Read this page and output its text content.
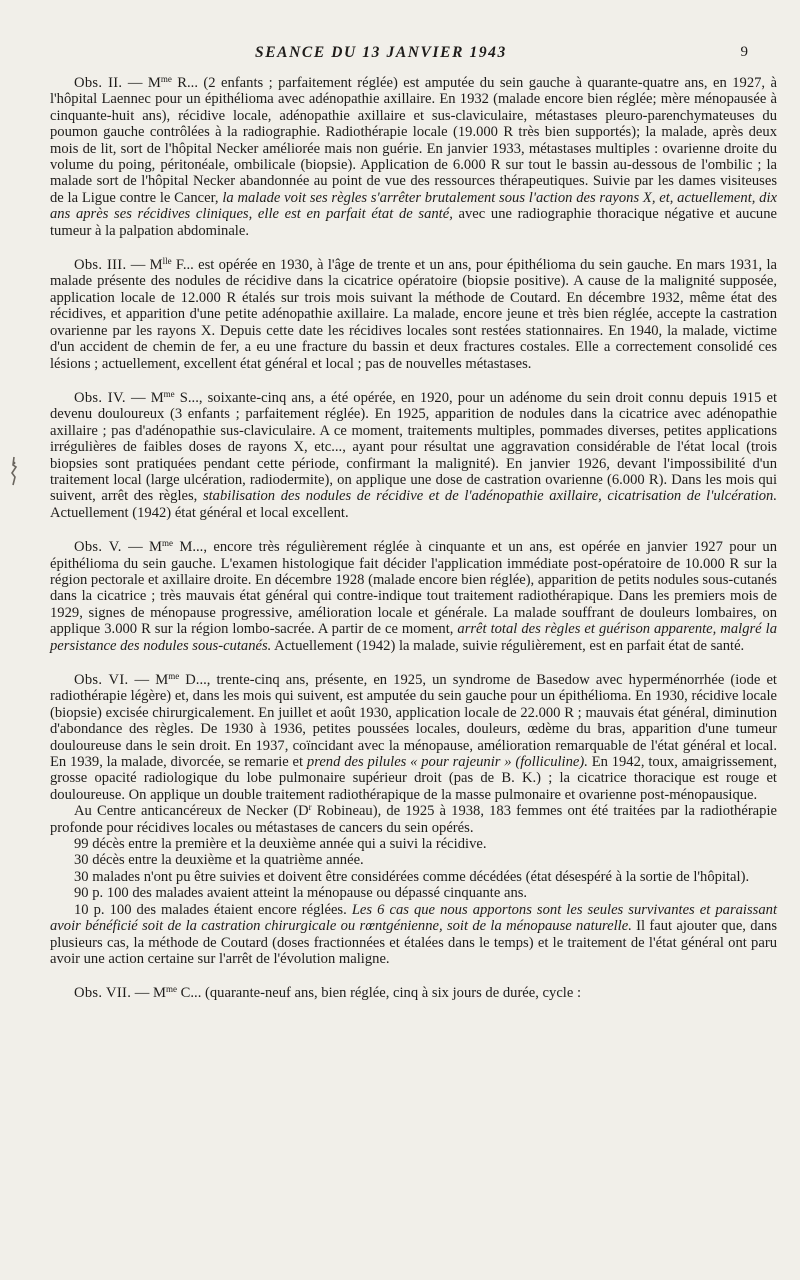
SEANCE DU 13 JANVIER 1943	9

Obs. II. — $M^{me}$ R... (2 enfants ; parfaitement réglée) est amputée du sein gauche à quarante-quatre ans, en 1927, à l'hôpital Laennec pour un épithélioma avec adénopathie axillaire. En 1932 (malade encore bien réglée; mère ménopausée à cinquante-huit ans), récidive locale, adénopathie axillaire et sus-claviculaire, métastases pleuro-parenchymateuses du poumon gauche contrôlées à la radiographie. Radiothérapie locale (19.000 R très bien supportés); la malade, après deux mois de lit, sort de l'hôpital Necker améliorée mais non guérie. En janvier 1933, métastases multiples : ovarienne droite du volume du poing, péritonéale, ombilicale (biopsie). Application de 6.000 R sur tout le bassin au-dessous de l'ombilic ; la malade sort de l'hôpital Necker abandonnée au point de vue des ressources thérapeutiques. Suivie par les dames visiteuses de la Ligue contre le Cancer, la malade voit ses règles s'arrêter brutalement sous l'action des rayons X, et, actuellement, dix ans après ses récidives cliniques, elle est en parfait état de santé, avec une radiographie thoracique négative et aucune tumeur à la palpation abdominale.

Obs. III. — $M^{lle}$ F... est opérée en 1930, à l'âge de trente et un ans, pour épithélioma du sein gauche. En mars 1931, la malade présente des nodules de récidive dans la cicatrice opératoire (biopsie positive). A cause de la malignité supposée, application locale de 12.000 R étalés sur trois mois suivant la méthode de Coutard. En décembre 1932, même état des récidives, et apparition d'une petite adénopathie axillaire. La malade, encore jeune et très bien réglée, accepte la castration ovarienne par les rayons X. Depuis cette date les récidives locales sont restées stationnaires. En 1940, la malade, victime d'un accident de chemin de fer, a eu une fracture du bassin et deux fractures costales. Elle a correctement consolidé ces lésions ; actuellement, excellent état général et local ; pas de nouvelles métastases.

Obs. IV. — $M^{me}$ S..., soixante-cinq ans, a été opérée, en 1920, pour un adénome du sein droit connu depuis 1915 et devenu douloureux (3 enfants ; parfaitement réglée). En 1925, apparition de nodules dans la cicatrice avec adénopathie axillaire ; pas d'adénopathie sus-claviculaire. A ce moment, traitements multiples, pommades diverses, petites applications irrégulières de faibles doses de rayons X, etc..., ayant pour résultat une aggravation considérable de l'état local (trois biopsies sont pratiquées pendant cette période, confirmant la malignité). En janvier 1926, devant l'impossibilité d'un traitement local (large ulcération, radiodermite), on applique une dose de castration ovarienne (6.000 R). Dans les mois qui suivent, arrêt des règles, stabilisation des nodules de récidive et de l'adénopathie axillaire, cicatrisation de l'ulcération. Actuellement (1942) état général et local excellent.

Obs. V. — $M^{me}$ M..., encore très régulièrement réglée à cinquante et un ans, est opérée en janvier 1927 pour un épithélioma du sein gauche. L'examen histologique fait décider l'application immédiate post-opératoire de 10.000 R sur la région pectorale et axillaire droite. En décembre 1928 (malade encore bien réglée), apparition de petits nodules sous-cutanés dans la cicatrice ; très mauvais état général qui contre-indique tout traitement radiothérapique. Dans les premiers mois de 1929, signes de ménopause progressive, amélioration locale et générale. La malade souffrant de douleurs lombaires, on applique 3.000 R sur la région lombo-sacrée. A partir de ce moment, arrêt total des règles et guérison apparente, malgré la persistance des nodules sous-cutanés. Actuellement (1942) la malade, suivie régulièrement, est en parfait état de santé.

Obs. VI. — $M^{me}$ D..., trente-cinq ans, présente, en 1925, un syndrome de Basedow avec hyperménorrhée (iode et radiothérapie légère) et, dans les mois qui suivent, est amputée du sein gauche pour un épithélioma. En 1930, récidive locale (biopsie) excisée chirurgicalement. En juillet et août 1930, application locale de 22.000 R ; mauvais état général, diminution d'abondance des règles. De 1930 à 1936, petites poussées locales, douleurs, œdème du bras, apparition d'une tumeur douloureuse dans le sein droit. En 1937, coïncidant avec la ménopause, amélioration remarquable de l'état général et local. En 1939, la malade, divorcée, se remarie et prend des pilules « pour rajeunir » (folliculine). En 1942, toux, amaigrissement, grosse opacité radiologique du lobe pulmonaire supérieur droit (pas de B. K.) ; la cicatrice thoracique est rouge et douloureuse. On applique un double traitement radiothérapique de la masse pulmonaire et ovarienne post-ménopausique.

Au Centre anticancéreux de Necker ($D^r$ Robineau), de 1925 à 1938, 183 femmes ont été traitées par la radiothérapie profonde pour récidives locales ou métastases de cancers du sein opérés.

99 décès entre la première et la deuxième année qui a suivi la récidive.

30 décès entre la deuxième et la quatrième année.

30 malades n'ont pu être suivies et doivent être considérées comme décédées (état désespéré à la sortie de l'hôpital).

90 p. 100 des malades avaient atteint la ménopause ou dépassé cinquante ans.

10 p. 100 des malades étaient encore réglées. Les 6 cas que nous apportons sont les seules survivantes et paraissant avoir bénéficié soit de la castration chirurgicale ou rœntgénienne, soit de la ménopause naturelle. Il faut ajouter que, dans plusieurs cas, la méthode de Coutard (doses fractionnées et étalées dans le temps) et le traitement de l'état général ont paru avoir une action certaine sur l'arrêt de l'évolution maligne.

Obs. VII. — $M^{me}$ C... (quarante-neuf ans, bien réglée, cinq à six jours de durée, cycle :
